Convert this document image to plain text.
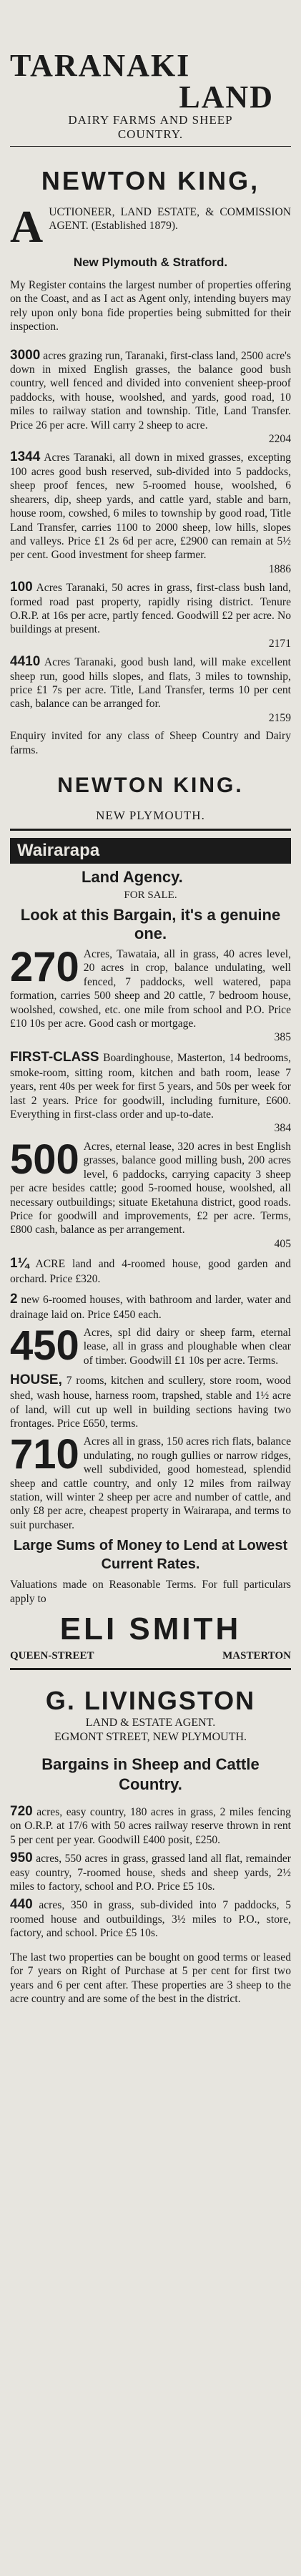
TARANAKI
LAND
DAIRY FARMS AND SHEEP
COUNTRY.
NEWTON KING,

A UCTIONEER, LAND ESTATE, & COMMISSION AGENT. (Established 1879).

New Plymouth & Stratford.

My Register contains the largest number of properties offering on the Coast, and as I act as Agent only, intending buyers may rely upon only bona fide properties being submitted for their inspection.

3000 acres grazing run, Taranaki, first-class land, 2500 acre's down in mixed English grasses, the balance good bush country, well fenced and divided into convenient sheep-proof paddocks, with house, woolshed, and yards, good road, 10 miles to railway station and township. Title, Land Transfer. Price 26 per acre. Will carry 2 sheep to acre.
2204

1344 Acres Taranaki, all down in mixed grasses, excepting 100 acres good bush reserved, sub-divided into 5 paddocks, sheep proof fences, new 5-roomed house, woolshed, 6 shearers, dip, sheep yards, and cattle yard, stable and barn, house room, cowshed, 6 miles to township by good road, Title Land Transfer, carries 1100 to 2000 sheep, low hills, slopes and valleys. Price £1 2s 6d per acre, £2900 can remain at 5½ per cent. Good investment for sheep farmer.
1886

100 Acres Taranaki, 50 acres in grass, first-class bush land, formed road past property, rapidly rising district. Tenure O.R.P. at 16s per acre, partly fenced. Goodwill £2 per acre. No buildings at present.
2171

4410 Acres Taranaki, good bush land, will make excellent sheep run, good hills slopes, and flats, 3 miles to township, price £1 7s per acre. Title, Land Transfer, terms 10 per cent cash, balance can be arranged for.
2159

Enquiry invited for any class of Sheep Country and Dairy farms.

NEWTON KING.
NEW PLYMOUTH.
Wairarapa
Land Agency.
FOR SALE.
Look at this Bargain, it's a genuine one.
270 Acres, Tawataia, all in grass, 40 acres level, 20 acres in crop, balance undulating, well fenced, 7 paddocks, well watered, papa formation, carries 500 sheep and 20 cattle, 7 bedroom house, woolshed, cowshed, etc. one mile from school and P.O. Price £10 10s per acre. Good cash or mortgage.
385

FIRST-CLASS Boardinghouse, Masterton, 14 bedrooms, smoke-room, sitting room, kitchen and bath room, lease 7 years, rent 40s per week for first 5 years, and 50s per week for last 2 years. Price for goodwill, including furniture, £600. Everything in first-class order and up-to-date.
384

500 Acres, eternal lease, 320 acres in best English grasses, balance good milling bush, 200 acres level, 6 paddocks, carrying capacity 3 sheep per acre besides cattle; good 5-roomed house, woolshed, all necessary outbuildings; situate Eketahuna district, good roads. Price for goodwill and improvements, £2 per acre. Terms, £800 cash, balance as per arrangement.
405

1¼ ACRE land and 4-roomed house, good garden and orchard. Price £320.

2 new 6-roomed houses, with bathroom and larder, water and drainage laid on. Price £450 each.

450 Acres, spl did dairy or sheep farm, eternal lease, all in grass and ploughable when clear of timber. Goodwill £1 10s per acre. Terms.

HOUSE, 7 rooms, kitchen and scullery, store room, wood shed, wash house, harness room, trapshed, stable and 1½ acre of land, will cut up well in building sections having two frontages. Price £650, terms.

710 Acres all in grass, 150 acres rich flats, balance undulating, no rough gullies or narrow ridges, well subdivided, good homestead, splendid sheep and cattle country, and only 12 miles from railway station, will winter 2 sheep per acre and number of cattle, and only £8 per acre, cheapest property in Wairarapa, and terms to suit purchaser.

Large Sums of Money to Lend at Lowest Current Rates.

Valuations made on Reasonable Terms. For full particulars apply to

ELI SMITH
QUEEN-STREET	MASTERTON
G. LIVINGSTON
LAND & ESTATE AGENT.
EGMONT STREET, NEW PLYMOUTH.
Bargains in Sheep and Cattle Country.

720 acres, easy country, 180 acres in grass, 2 miles fencing on O.R.P. at 17/6 with 50 acres railway reserve thrown in rent 5 per cent per year. Goodwill £400 posit, £250.

950 acres, 550 acres in grass, grassed land all flat, remainder easy country, 7-roomed house, sheds and sheep yards, 2½ miles to factory, school and P.O. Price £5 10s.

440 acres, 350 in grass, sub-divided into 7 paddocks, 5 roomed house and outbuildings, 3½ miles to P.O., store, factory, and school. Price £5 10s.

The last two properties can be bought on good terms or leased for 7 years on Right of Purchase at 5 per cent for first two years and 6 per cent after. These properties are 3 sheep to the acre country and are some of the best in the district.
